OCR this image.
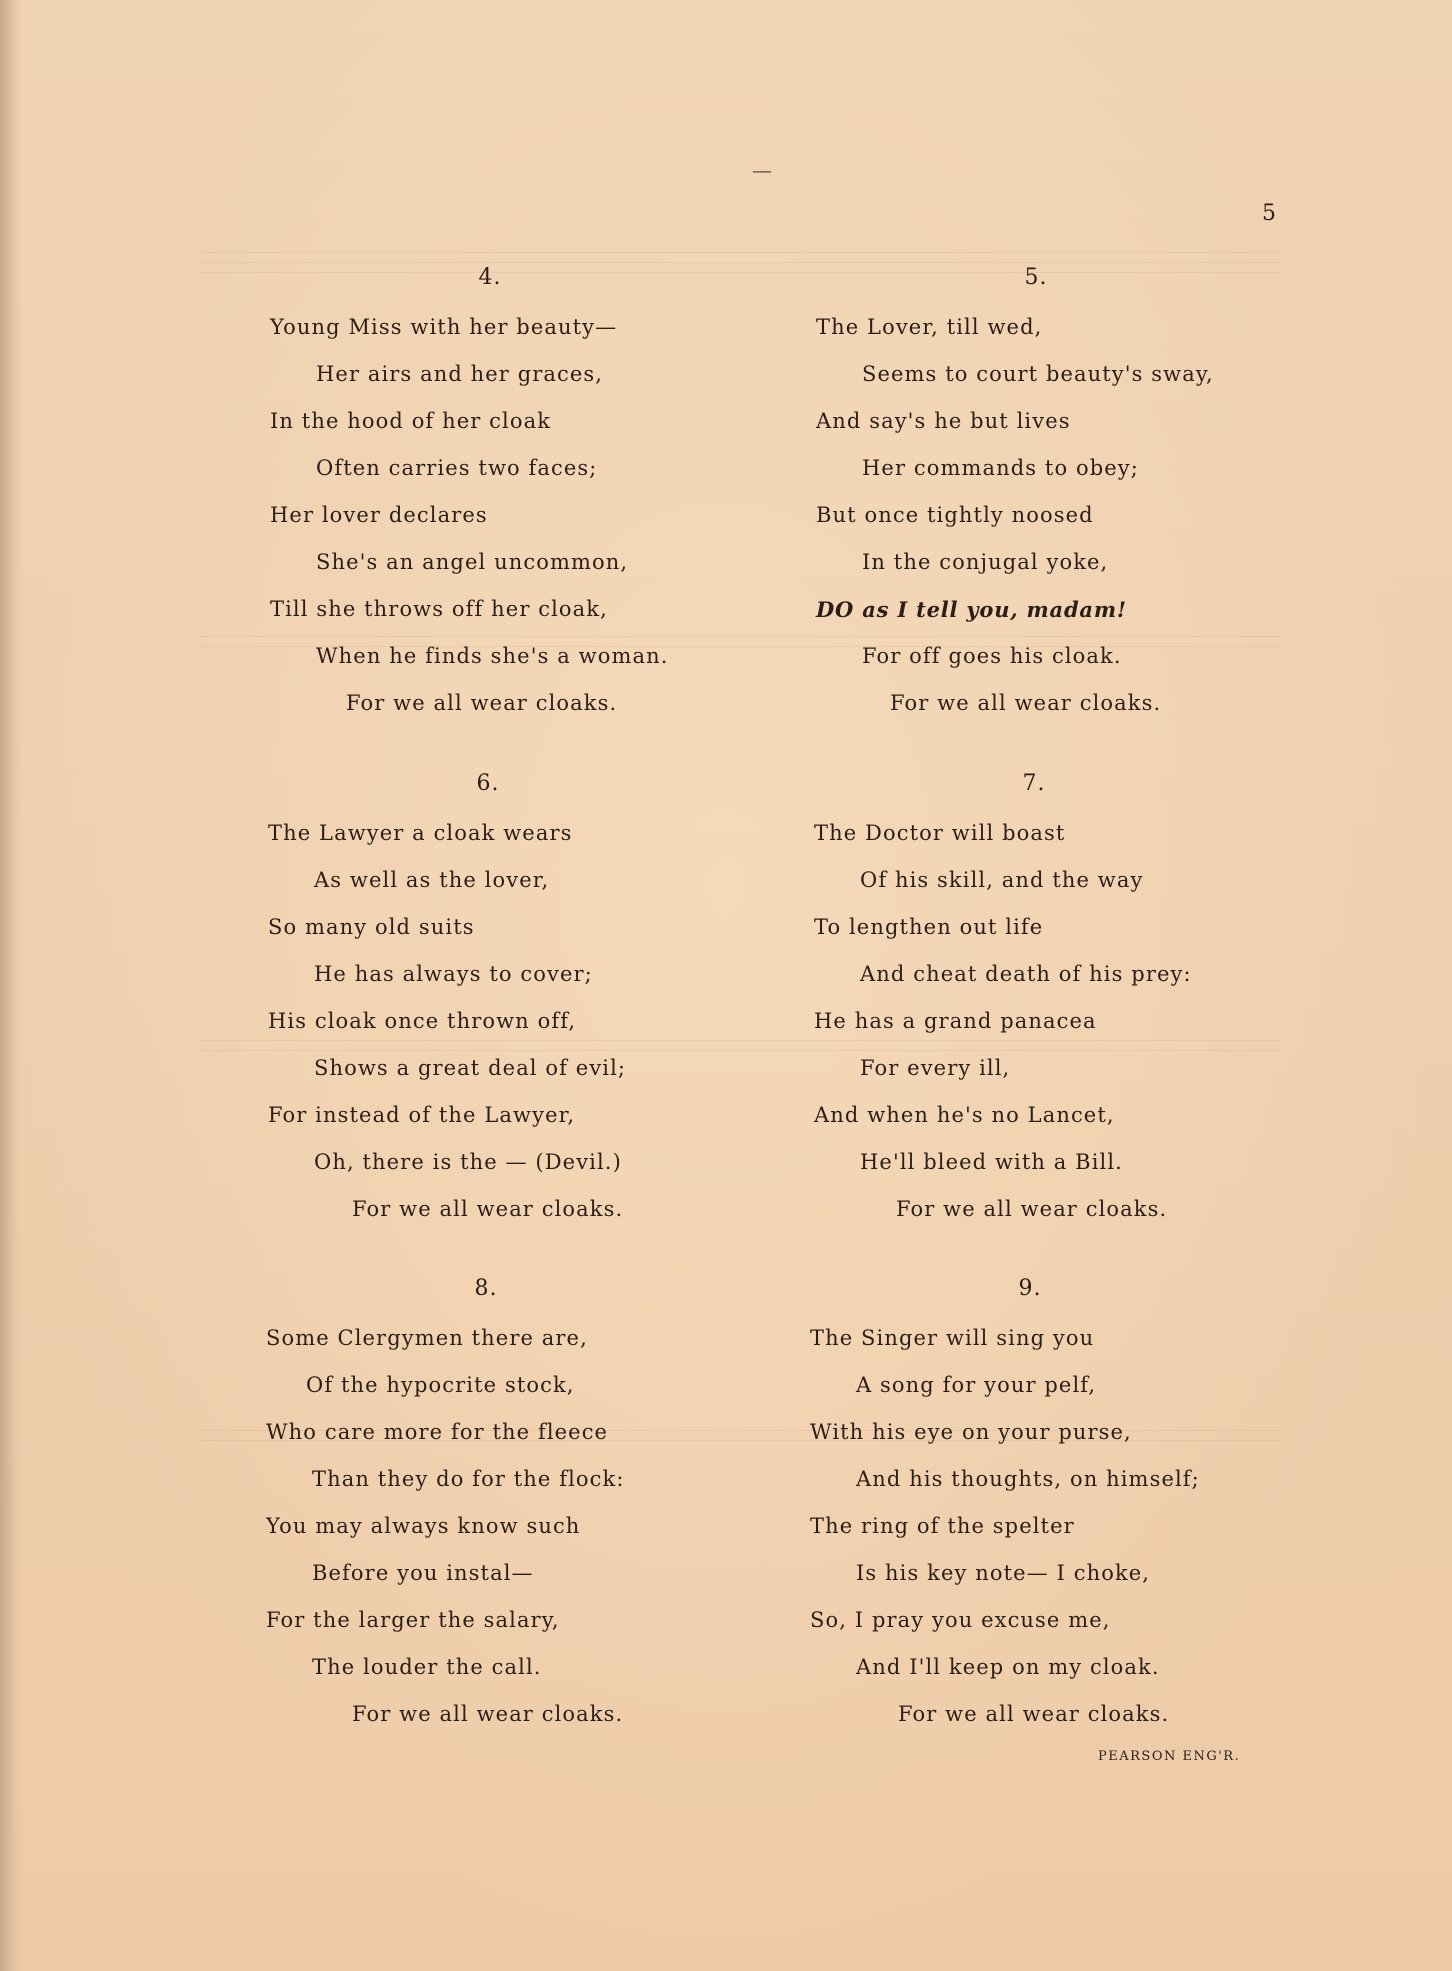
—
5
4.
Young Miss with her beauty—
Her airs and her graces,
In the hood of her cloak
Often carries two faces;
Her lover declares
She's an angel uncommon,
Till she throws off her cloak,
When he finds she's a woman.
For we all wear cloaks.
5.
The Lover, till wed,
Seems to court beauty's sway,
And say's he but lives
Her commands to obey;
But once tightly noosed
In the conjugal yoke,
DO as I tell you, madam!
For off goes his cloak.
For we all wear cloaks.
6.
The Lawyer a cloak wears
As well as the lover,
So many old suits
He has always to cover;
His cloak once thrown off,
Shows a great deal of evil;
For instead of the Lawyer,
Oh, there is the — (Devil.)
For we all wear cloaks.
7.
The Doctor will boast
Of his skill, and the way
To lengthen out life
And cheat death of his prey:
He has a grand panacea
For every ill,
And when he's no Lancet,
He'll bleed with a Bill.
For we all wear cloaks.
8.
Some Clergymen there are,
Of the hypocrite stock,
Who care more for the fleece
Than they do for the flock:
You may always know such
Before you instal—
For the larger the salary,
The louder the call.
For we all wear cloaks.
9.
The Singer will sing you
A song for your pelf,
With his eye on your purse,
And his thoughts, on himself;
The ring of the spelter
Is his key note— I choke,
So, I pray you excuse me,
And I'll keep on my cloak.
For we all wear cloaks.
PEARSON ENG'R.
